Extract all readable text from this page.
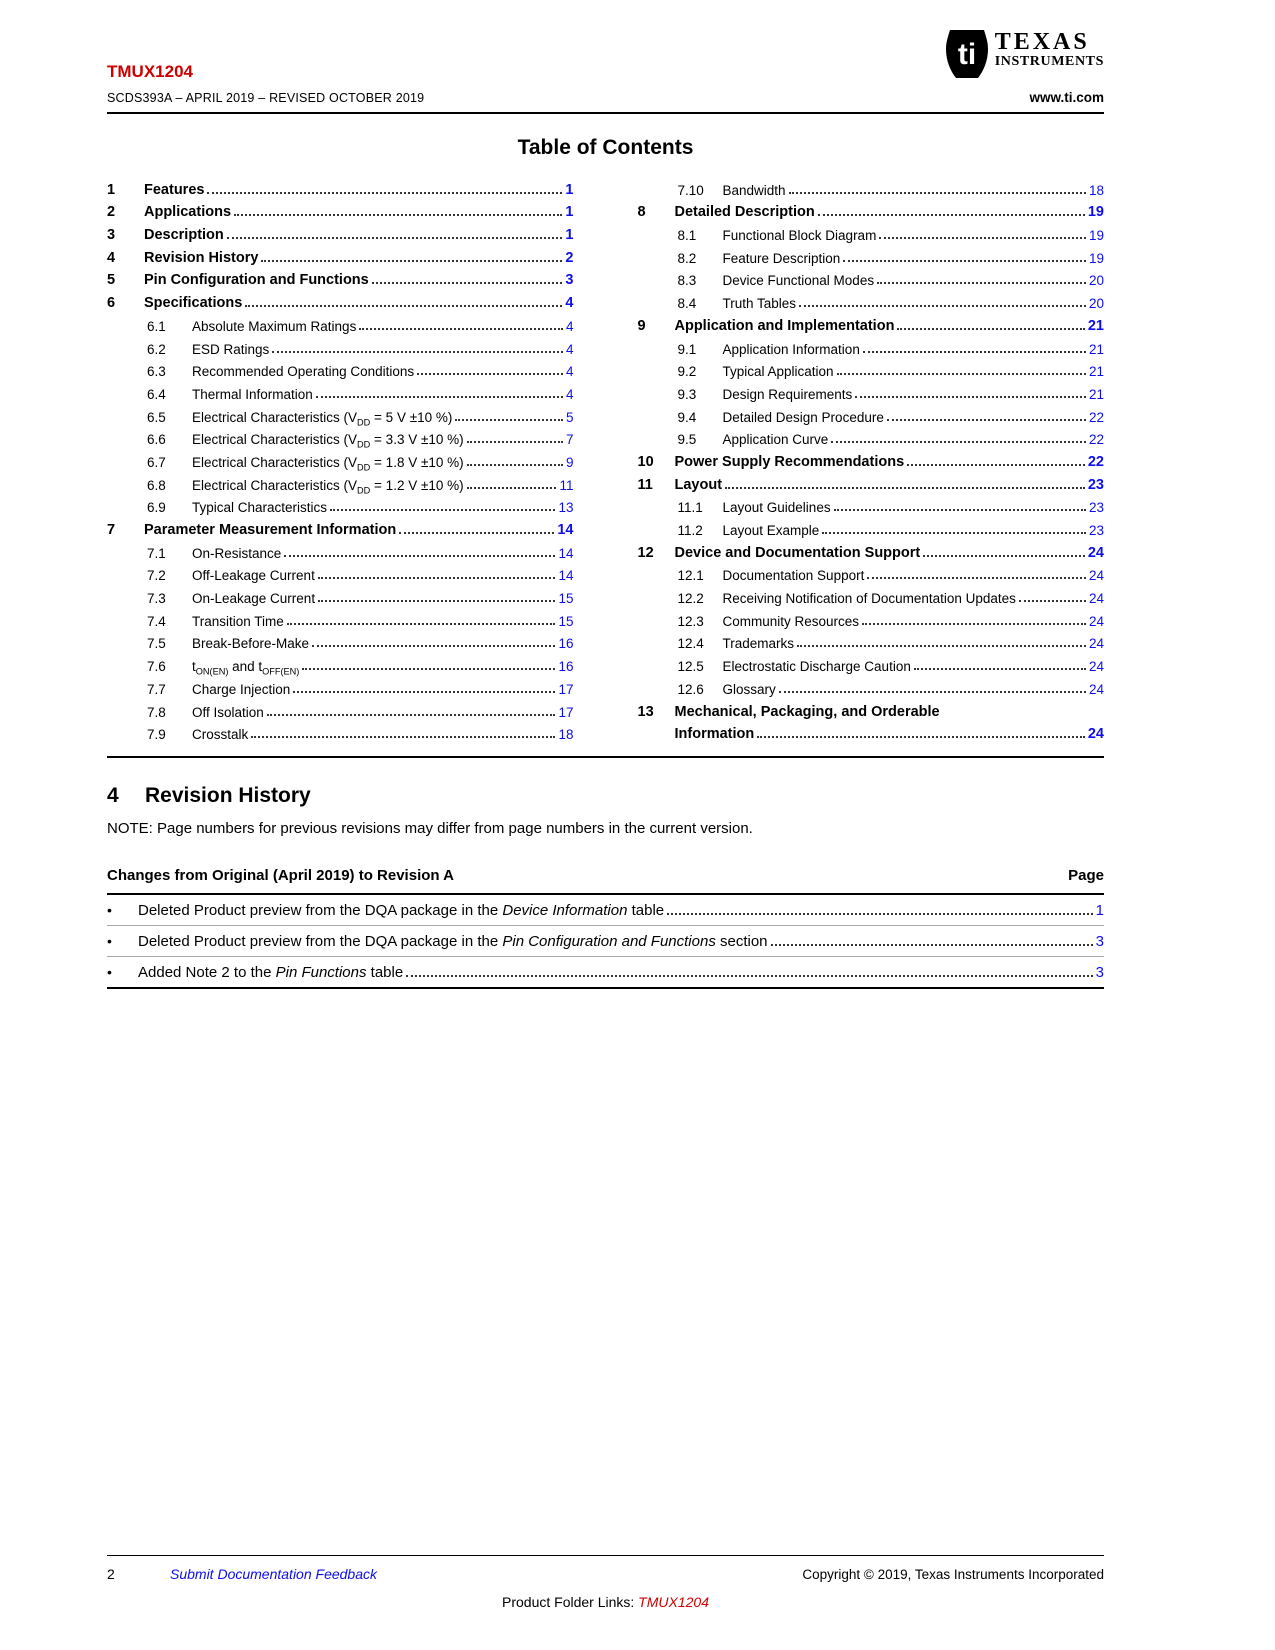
TMUX1204
SCDS393A – APRIL 2019 – REVISED OCTOBER 2019
ti TEXAS
INSTRUMENTS
www.ti.com
Table of Contents
1	Features	1
2	Applications	1
3	Description	1
4	Revision History	2
5	Pin Configuration and Functions	3
6	Specifications	4
6.1	Absolute Maximum Ratings	4
6.2	ESD Ratings	4
6.3	Recommended Operating Conditions	4
6.4	Thermal Information	4
6.5	Electrical Characteristics ($V_{DD} = 5$ V ±10 %)	5
6.6	Electrical Characteristics ($V_{DD} = 3.3$ V ±10 %)	7
6.7	Electrical Characteristics ($V_{DD} = 1.8$ V ±10 %)	9
6.8	Electrical Characteristics ($V_{DD} = 1.2$ V ±10 %)	11
6.9	Typical Characteristics	13
7	Parameter Measurement Information	14
7.1	On-Resistance	14
7.2	Off-Leakage Current	14
7.3	On-Leakage Current	15
7.4	Transition Time	15
7.5	Break-Before-Make	16
7.6	$t_{ON(EN)}$ and $t_{OFF(EN)}$	16
7.7	Charge Injection	17
7.8	Off Isolation	17
7.9	Crosstalk	18
7.10	Bandwidth	18
8	Detailed Description	19
8.1	Functional Block Diagram	19
8.2	Feature Description	19
8.3	Device Functional Modes	20
8.4	Truth Tables	20
9	Application and Implementation	21
9.1	Application Information	21
9.2	Typical Application	21
9.3	Design Requirements	21
9.4	Detailed Design Procedure	22
9.5	Application Curve	22
10	Power Supply Recommendations	22
11	Layout	23
11.1	Layout Guidelines	23
11.2	Layout Example	23
12	Device and Documentation Support	24
12.1	Documentation Support	24
12.2	Receiving Notification of Documentation Updates	24
12.3	Community Resources	24
12.4	Trademarks	24
12.5	Electrostatic Discharge Caution	24
12.6	Glossary	24
13	Mechanical, Packaging, and Orderable
Information	24
4 Revision History

NOTE: Page numbers for previous revisions may differ from page numbers in the current version.

Changes from Original (April 2019) to Revision A	Page
•	Deleted Product preview from the DQA package in the Device Information table	1
•	Deleted Product preview from the DQA package in the Pin Configuration and Functions section	3
•	Added Note 2 to the Pin Functions table	3
2	Submit Documentation Feedback	Copyright © 2019, Texas Instruments Incorporated
Product Folder Links: TMUX1204
